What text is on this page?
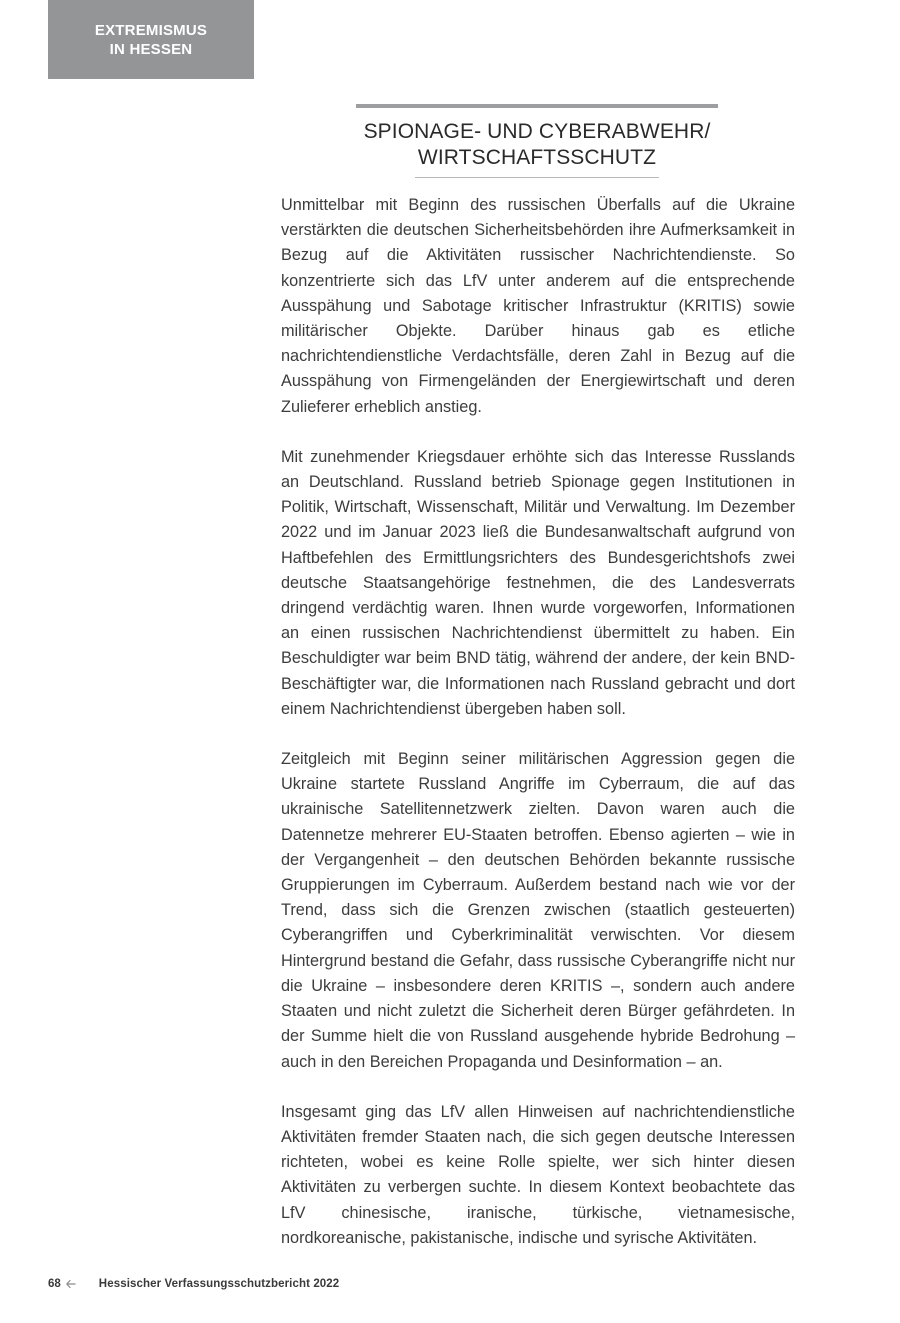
EXTREMISMUS
IN HESSEN
SPIONAGE- UND CYBERABWEHR/
WIRTSCHAFTSSCHUTZ

Unmittelbar mit Beginn des russischen Überfalls auf die Ukraine verstärkten die deutschen Sicherheitsbehörden ihre Aufmerksamkeit in Bezug auf die Aktivitäten russischer Nachrichtendienste. So konzentrierte sich das LfV unter anderem auf die entsprechende Ausspähung und Sabotage kritischer Infrastruktur (KRITIS) sowie militärischer Objekte. Darüber hinaus gab es etliche nachrichtendienstliche Verdachtsfälle, deren Zahl in Bezug auf die Ausspähung von Firmengeländen der Energiewirtschaft und deren Zulieferer erheblich anstieg.

Mit zunehmender Kriegsdauer erhöhte sich das Interesse Russlands an Deutschland. Russland betrieb Spionage gegen Institutionen in Politik, Wirtschaft, Wissenschaft, Militär und Verwaltung. Im Dezember 2022 und im Januar 2023 ließ die Bundesanwaltschaft aufgrund von Haftbefehlen des Ermittlungsrichters des Bundesgerichtshofs zwei deutsche Staatsangehörige festnehmen, die des Landesverrats dringend verdächtig waren. Ihnen wurde vorgeworfen, Informationen an einen russischen Nachrichtendienst übermittelt zu haben. Ein Beschuldigter war beim BND tätig, während der andere, der kein BND-Beschäftigter war, die Informationen nach Russland gebracht und dort einem Nachrichtendienst übergeben haben soll.

Zeitgleich mit Beginn seiner militärischen Aggression gegen die Ukraine startete Russland Angriffe im Cyberraum, die auf das ukrainische Satellitennetzwerk zielten. Davon waren auch die Datennetze mehrerer EU-Staaten betroffen. Ebenso agierten – wie in der Vergangenheit – den deutschen Behörden bekannte russische Gruppierungen im Cyberraum. Außerdem bestand nach wie vor der Trend, dass sich die Grenzen zwischen (staatlich gesteuerten) Cyberangriffen und Cyberkriminalität verwischten. Vor diesem Hintergrund bestand die Gefahr, dass russische Cyberangriffe nicht nur die Ukraine – insbesondere deren KRITIS –, sondern auch andere Staaten und nicht zuletzt die Sicherheit deren Bürger gefährdeten. In der Summe hielt die von Russland ausgehende hybride Bedrohung – auch in den Bereichen Propaganda und Desinformation – an.

Insgesamt ging das LfV allen Hinweisen auf nachrichtendienstliche Aktivitäten fremder Staaten nach, die sich gegen deutsche Interessen richteten, wobei es keine Rolle spielte, wer sich hinter diesen Aktivitäten zu verbergen suchte. In diesem Kontext beobachtete das LfV chinesische, iranische, türkische, vietnamesische, nordkoreanische, pakistanische, indische und syrische Aktivitäten.

68	Hessischer Verfassungsschutzbericht 2022
